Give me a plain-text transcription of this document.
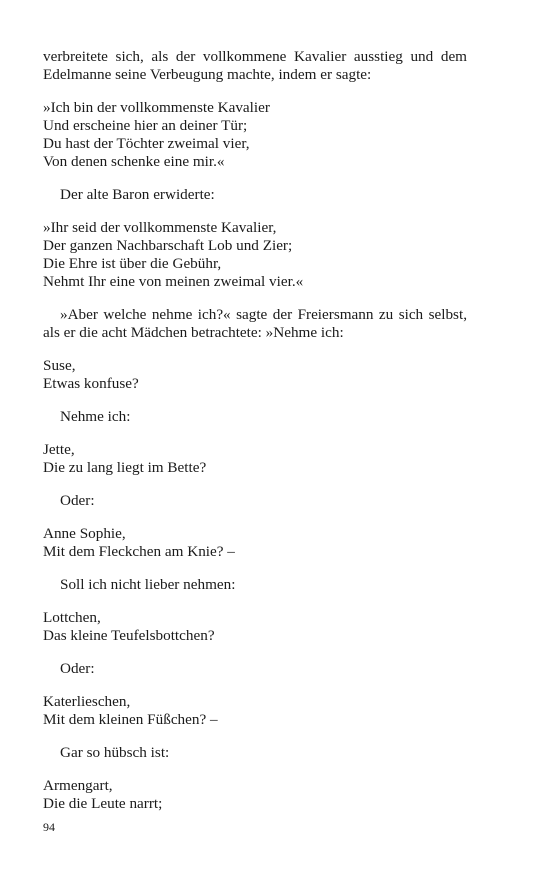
verbreitete sich, als der vollkommene Kavalier ausstieg und dem Edelmanne seine Verbeugung machte, indem er sagte:

»Ich bin der vollkommenste Kavalier
Und erscheine hier an deiner Tür;
Du hast der Töchter zweimal vier,
Von denen schenke eine mir.«

Der alte Baron erwiderte:

»Ihr seid der vollkommenste Kavalier,
Der ganzen Nachbarschaft Lob und Zier;
Die Ehre ist über die Gebühr,
Nehmt Ihr eine von meinen zweimal vier.«

»Aber welche nehme ich?« sagte der Freiersmann zu sich selbst, als er die acht Mädchen betrachtete: »Nehme ich:

Suse,
Etwas konfuse?

Nehme ich:

Jette,
Die zu lang liegt im Bette?

Oder:

Anne Sophie,
Mit dem Fleckchen am Knie? –

Soll ich nicht lieber nehmen:

Lottchen,
Das kleine Teufelsbottchen?

Oder:

Katerlieschen,
Mit dem kleinen Füßchen? –

Gar so hübsch ist:

Armengart,
Die die Leute narrt;
94
